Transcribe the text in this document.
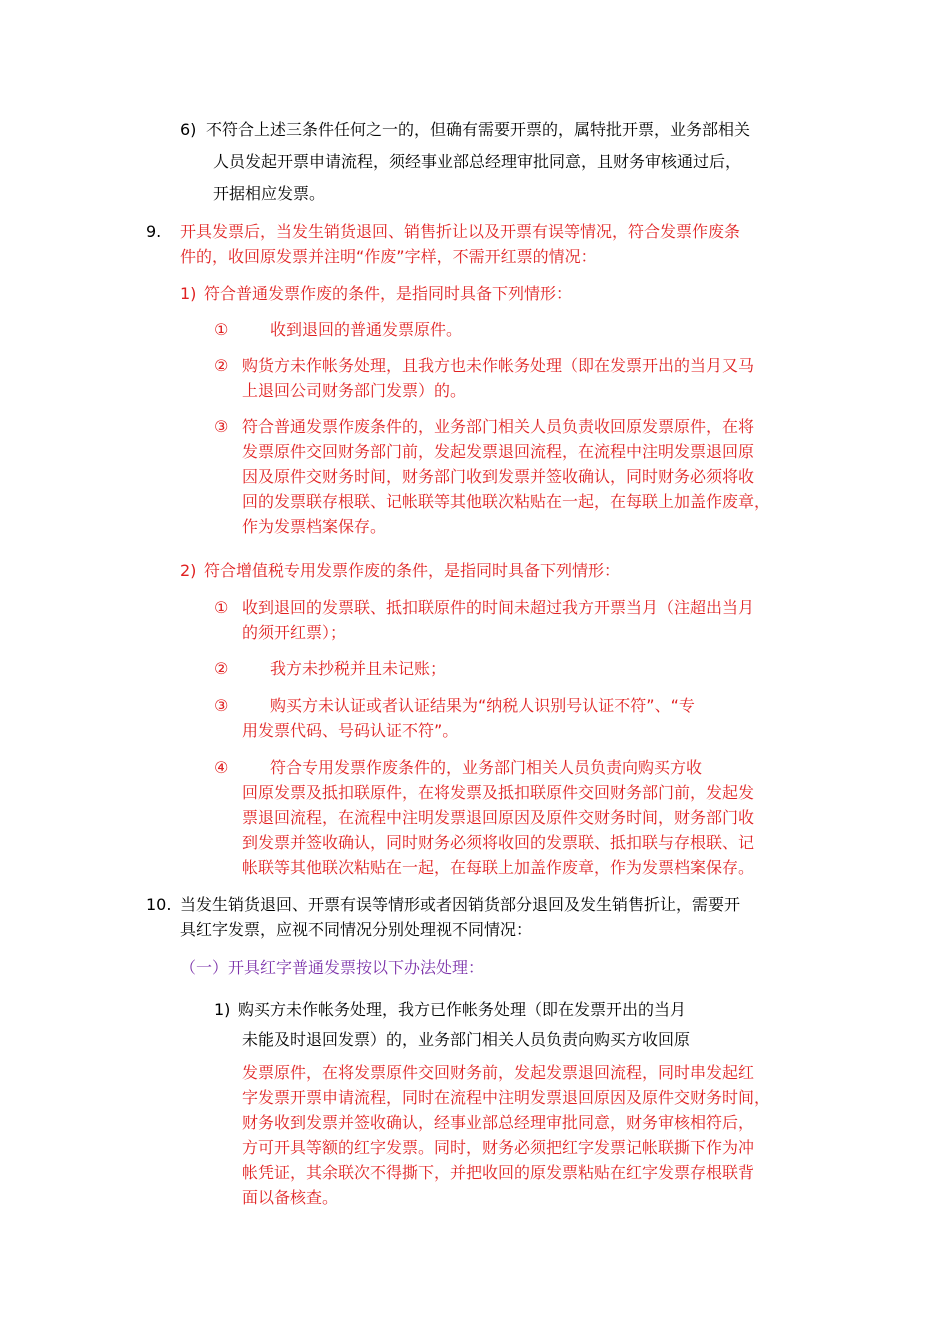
6) 不符合上述三条件任何之一的，但确有需要开票的，属特批开票，业务部相关
人员发起开票申请流程，须经事业部总经理审批同意，且财务审核通过后，
开据相应发票。
9. 开具发票后，当发生销货退回、销售折让以及开票有误等情况，符合发票作废条
件的，收回原发票并注明“作废”字样，不需开红票的情况：
1) 符合普通发票作废的条件，是指同时具备下列情形：
①	收到退回的普通发票原件。
② 购货方未作帐务处理，且我方也未作帐务处理（即在发票开出的当月又马
上退回公司财务部门发票）的。
③ 符合普通发票作废条件的，业务部门相关人员负责收回原发票原件，在将
发票原件交回财务部门前，发起发票退回流程，在流程中注明发票退回原
因及原件交财务时间，财务部门收到发票并签收确认，同时财务必须将收
回的发票联存根联、记帐联等其他联次粘贴在一起，在每联上加盖作废章，
作为发票档案保存。
2) 符合增值税专用发票作废的条件，是指同时具备下列情形：
① 收到退回的发票联、抵扣联原件的时间未超过我方开票当月（注超出当月
的须开红票）；
②	我方未抄税并且未记账；
③	购买方未认证或者认证结果为“纳税人识别号认证不符”、“专
用发票代码、号码认证不符”。
④	符合专用发票作废条件的，业务部门相关人员负责向购买方收
回原发票及抵扣联原件，在将发票及抵扣联原件交回财务部门前，发起发
票退回流程，在流程中注明发票退回原因及原件交财务时间，财务部门收
到发票并签收确认，同时财务必须将收回的发票联、抵扣联与存根联、记
帐联等其他联次粘贴在一起，在每联上加盖作废章，作为发票档案保存。
10. 当发生销货退回、开票有误等情形或者因销货部分退回及发生销售折让，需要开
具红字发票，应视不同情况分别处理视不同情况：
（一）开具红字普通发票按以下办法处理：
1) 购买方未作帐务处理，我方已作帐务处理（即在发票开出的当月
未能及时退回发票）的，业务部门相关人员负责向购买方收回原
发票原件，在将发票原件交回财务前，发起发票退回流程，同时串发起红
字发票开票申请流程，同时在流程中注明发票退回原因及原件交财务时间，
财务收到发票并签收确认，经事业部总经理审批同意，财务审核相符后，
方可开具等额的红字发票。同时，财务必须把红字发票记帐联撕下作为冲
帐凭证，其余联次不得撕下，并把收回的原发票粘贴在红字发票存根联背
面以备核查。
